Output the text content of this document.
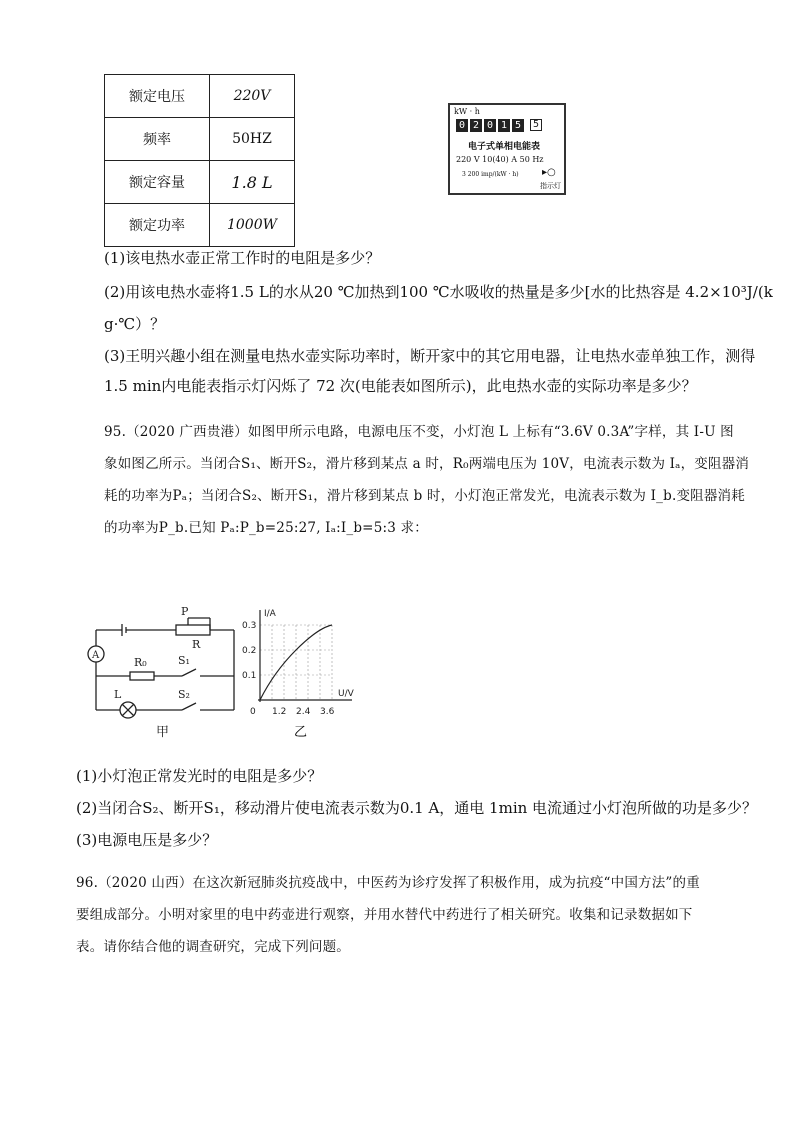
额定电压	220V
频率	50HZ
额定容量	1.8 L
额定功率	1000W
kW · h
0 2 0 1 5 5
电子式单相电能表
220 V 10(40) A 50 Hz
3 200 imp/(kW · h) ▸○
指示灯
(1)该电热水壶正常工作时的电阻是多少？
(2)用该电热水壶将1.5 L的水从20 ℃加热到100 ℃水吸收的热量是多少[水的比热容是 4.2×10³J/(k
g·℃）？
(3)王明兴趣小组在测量电热水壶实际功率时，断开家中的其它用电器，让电热水壶单独工作，测得
1.5 min内电能表指示灯闪烁了 72 次(电能表如图所示)，此电热水壶的实际功率是多少？
95.（2020 广西贵港）如图甲所示电路，电源电压不变，小灯泡 L 上标有“3.6V 0.3A”字样，其 I-U 图
象如图乙所示。当闭合S₁、断开S₂，滑片移到某点 a 时，R₀两端电压为 10V，电流表示数为 Iₐ，变阻器消
耗的功率为Pₐ；当闭合S₂、断开S₁，滑片移到某点 b 时，小灯泡正常发光，电流表示数为 I_b.变阻器消耗
的功率为P_b.已知 Pₐ:P_b=25:27, Iₐ:I_b=5:3 求：
P
R
A
R₀	S₁
L	S₂
甲
I/A
U/V
0.3
0.2
0.1
0 1.2 2.4 3.6
乙
(1)小灯泡正常发光时的电阻是多少？
(2)当闭合S₂、断开S₁，移动滑片使电流表示数为0.1 A，通电 1min 电流通过小灯泡所做的功是多少？
(3)电源电压是多少？
96.（2020 山西）在这次新冠肺炎抗疫战中，中医药为诊疗发挥了积极作用，成为抗疫“中国方法”的重
要组成部分。小明对家里的电中药壶进行观察，并用水替代中药进行了相关研究。收集和记录数据如下
表。请你结合他的调查研究，完成下列问题。
